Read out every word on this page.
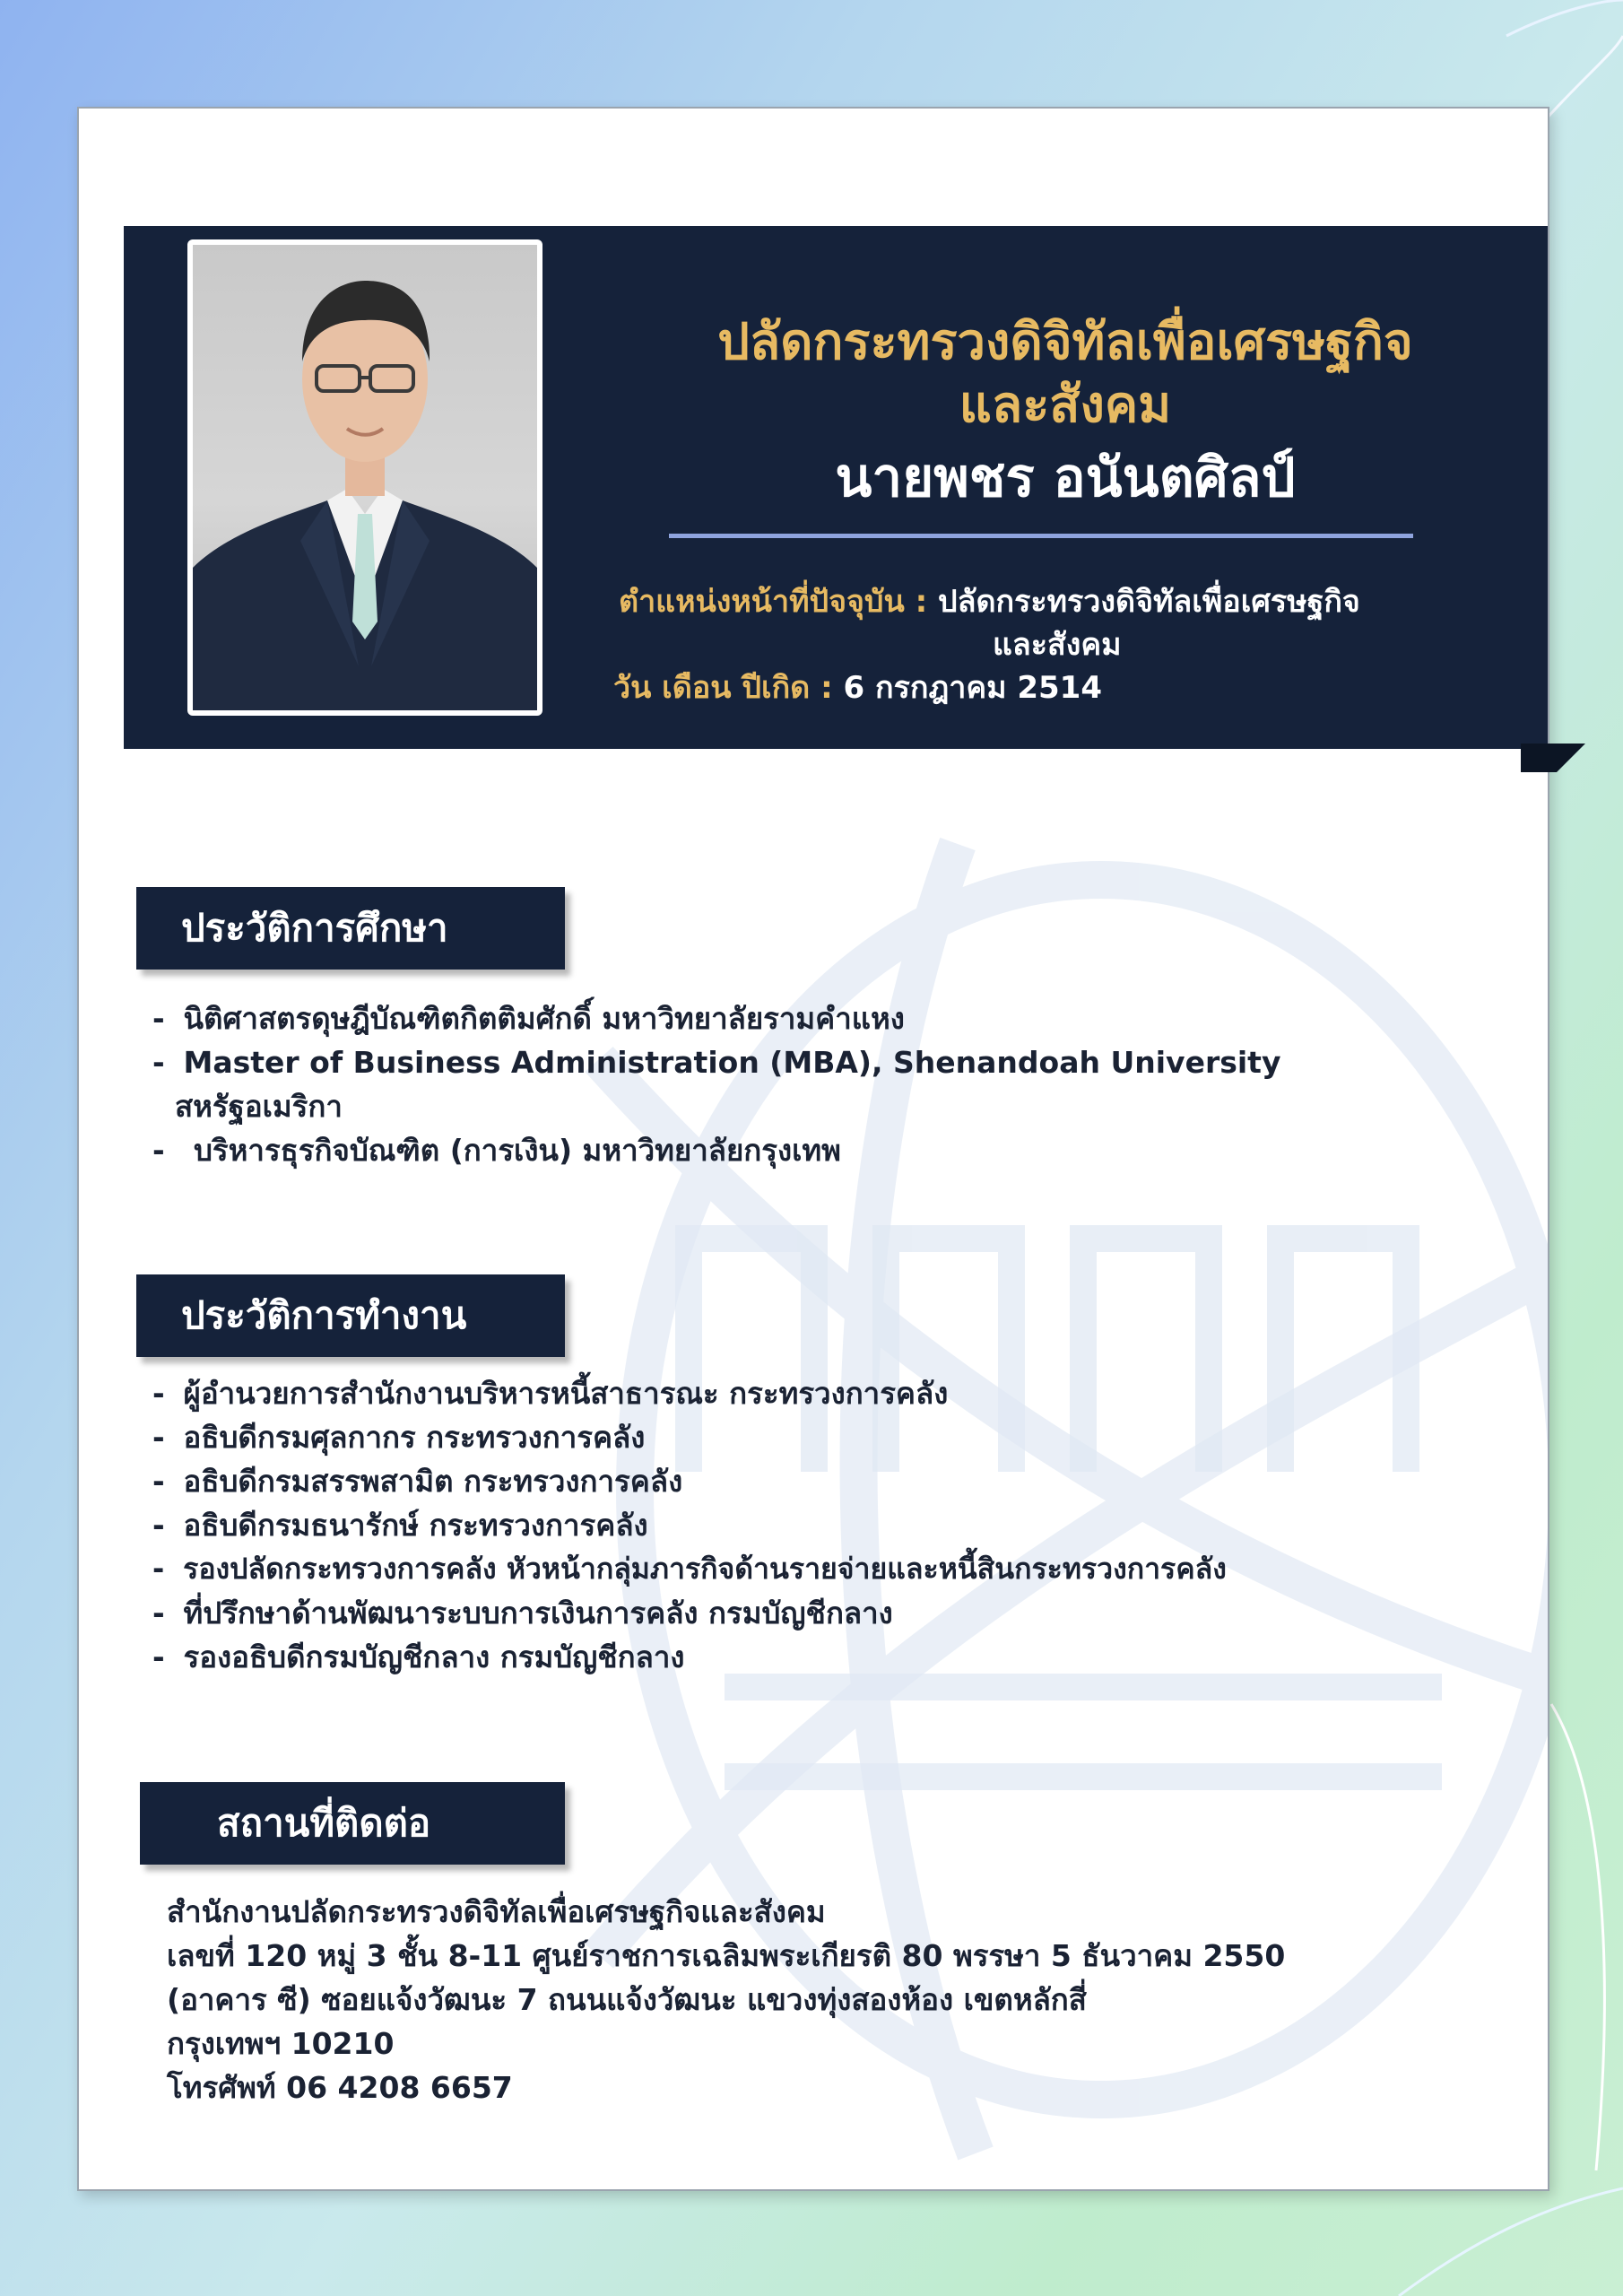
ปลัดกระทรวงดิจิทัลเพื่อเศรษฐกิจ
และสังคม
นายพชร อนันตศิลป์
ตำแหน่งหน้าที่ปัจจุบัน : ปลัดกระทรวงดิจิทัลเพื่อเศรษฐกิจ
และสังคม
วัน เดือน ปีเกิด : 6 กรกฎาคม 2514
ประวัติการศึกษา
- นิติศาสตรดุษฎีบัณฑิตกิตติมศักดิ์ มหาวิทยาลัยรามคำแหง
- Master of Business Administration (MBA), Shenandoah University
สหรัฐอเมริกา
- บริหารธุรกิจบัณฑิต (การเงิน) มหาวิทยาลัยกรุงเทพ
ประวัติการทำงาน
- ผู้อำนวยการสำนักงานบริหารหนี้สาธารณะ กระทรวงการคลัง
- อธิบดีกรมศุลกากร กระทรวงการคลัง
- อธิบดีกรมสรรพสามิต กระทรวงการคลัง
- อธิบดีกรมธนารักษ์ กระทรวงการคลัง
- รองปลัดกระทรวงการคลัง หัวหน้ากลุ่มภารกิจด้านรายจ่ายและหนี้สินกระทรวงการคลัง
- ที่ปรึกษาด้านพัฒนาระบบการเงินการคลัง กรมบัญชีกลาง
- รองอธิบดีกรมบัญชีกลาง กรมบัญชีกลาง
สถานที่ติดต่อ
สำนักงานปลัดกระทรวงดิจิทัลเพื่อเศรษฐกิจและสังคม
เลขที่ 120 หมู่ 3 ชั้น 8-11 ศูนย์ราชการเฉลิมพระเกียรติ 80 พรรษา 5 ธันวาคม 2550
(อาคาร ซี) ซอยแจ้งวัฒนะ 7 ถนนแจ้งวัฒนะ แขวงทุ่งสองห้อง เขตหลักสี่
กรุงเทพฯ 10210
โทรศัพท์ 06 4208 6657
